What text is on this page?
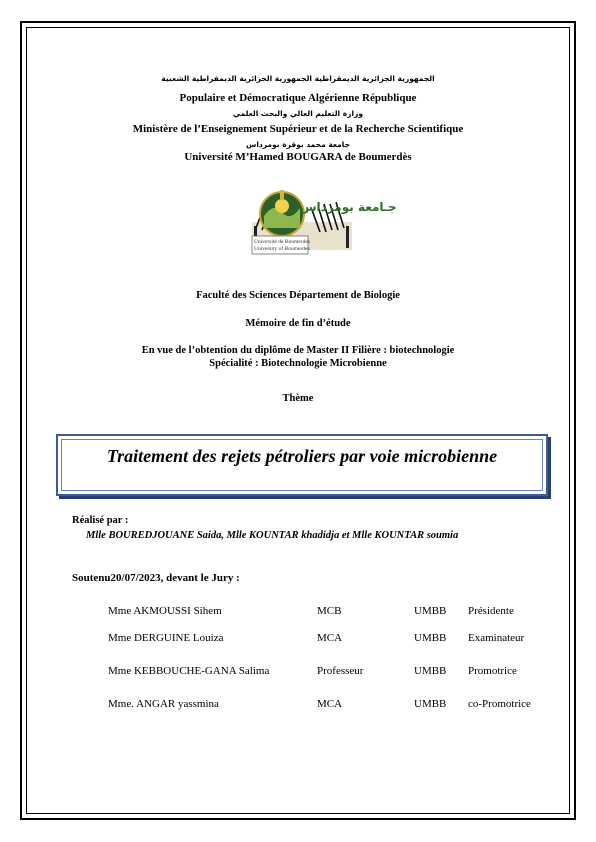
الجمهورية الجزائرية الديمقراطية الجمهورية الجزائرية الديمقراطية الشعبية
Populaire et Démocratique Algérienne République
وزارة التعليم العالي والبحث العلمي
Ministère de l’Enseignement Supérieur et de la Recherche Scientifique
جامعة محمد بوقرة بومرداس
Université M’Hamed BOUGARA de Boumerdès
جـامعة بومرداس
Université de Boumerdes
University of Boumerdes
Faculté des Sciences Département de Biologie
Mémoire de fin d’étude
En vue de l’obtention du diplôme de Master II Filière : biotechnologie
Spécialité : Biotechnologie Microbienne
Thème
Traitement des rejets pétroliers par voie microbienne
Réalisé par :
Mlle BOUREDJOUANE Saida, Mlle KOUNTAR khadidja et Mlle KOUNTAR soumia
Soutenu20/07/2023, devant le Jury :
Mme AKMOUSSI Sihem	MCB	UMBB Présidente
Mme DERGUINE Louiza	MCA	UMBB Examinateur
Mme KEBBOUCHE-GANA Salima	Professeur	UMBB Promotrice
Mme. ANGAR yassmina	MCA	UMBB co-Promotrice
